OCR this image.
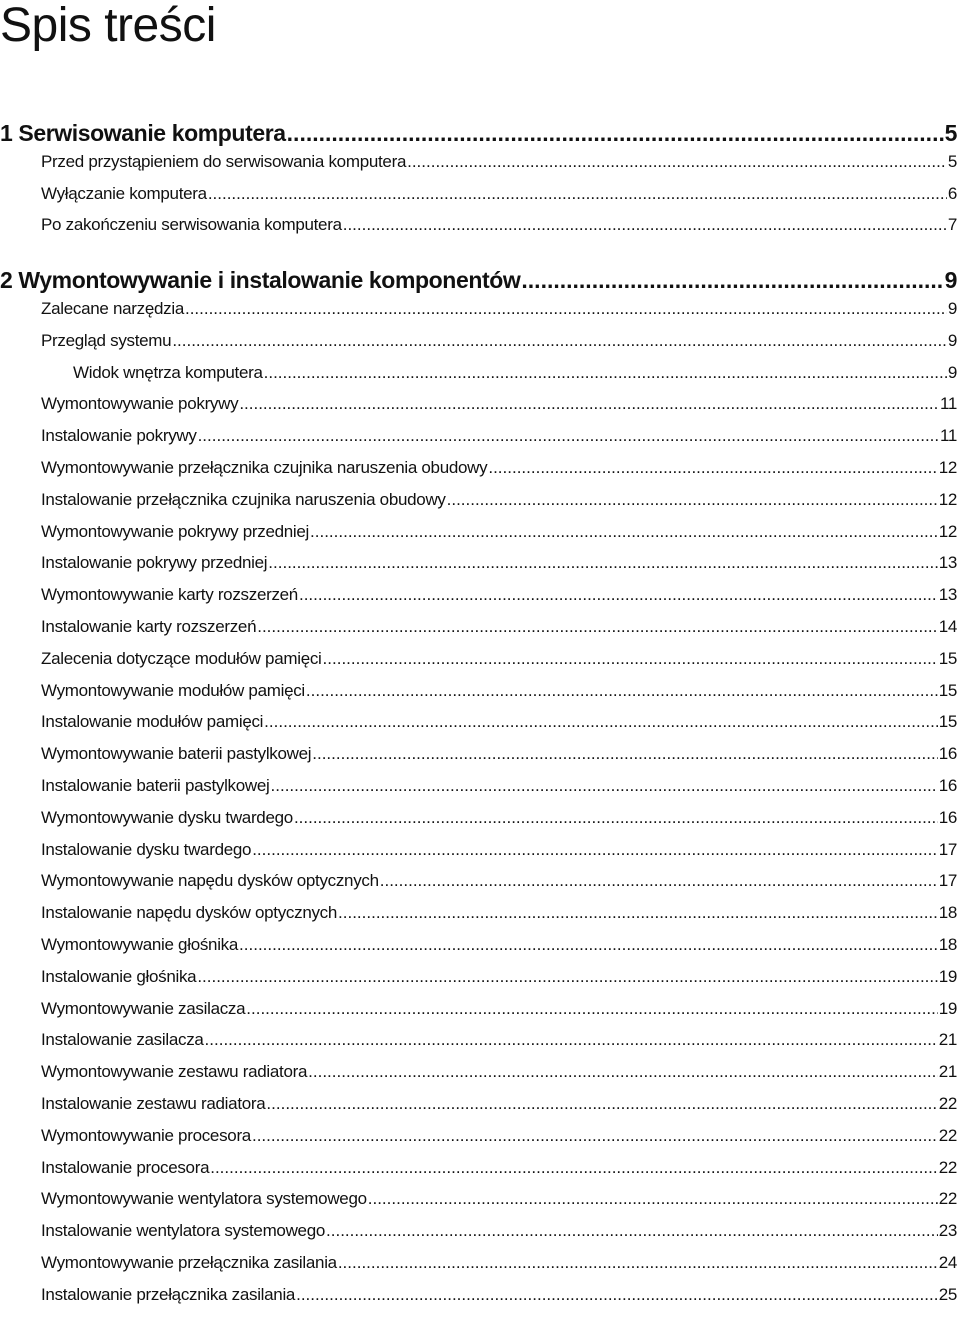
Spis treści
1 Serwisowanie komputera .....	5
Przed przystąpieniem do serwisowania komputera .....	5
Wyłączanie komputera .....	6
Po zakończeniu serwisowania komputera .....	7
2 Wymontowywanie i instalowanie komponentów .....	9
Zalecane narzędzia .....	9
Przegląd systemu .....	9
Widok wnętrza komputera .....	9
Wymontowywanie pokrywy .....	11
Instalowanie pokrywy .....	11
Wymontowywanie przełącznika czujnika naruszenia obudowy .....	12
Instalowanie przełącznika czujnika naruszenia obudowy .....	12
Wymontowywanie pokrywy przedniej .....	12
Instalowanie pokrywy przedniej .....	13
Wymontowywanie karty rozszerzeń .....	13
Instalowanie karty rozszerzeń .....	14
Zalecenia dotyczące modułów pamięci .....	15
Wymontowywanie modułów pamięci .....	15
Instalowanie modułów pamięci .....	15
Wymontowywanie baterii pastylkowej .....	16
Instalowanie baterii pastylkowej .....	16
Wymontowywanie dysku twardego .....	16
Instalowanie dysku twardego .....	17
Wymontowywanie napędu dysków optycznych .....	17
Instalowanie napędu dysków optycznych .....	18
Wymontowywanie głośnika .....	18
Instalowanie głośnika .....	19
Wymontowywanie zasilacza .....	19
Instalowanie zasilacza .....	21
Wymontowywanie zestawu radiatora .....	21
Instalowanie zestawu radiatora .....	22
Wymontowywanie procesora .....	22
Instalowanie procesora .....	22
Wymontowywanie wentylatora systemowego .....	22
Instalowanie wentylatora systemowego .....	23
Wymontowywanie przełącznika zasilania .....	24
Instalowanie przełącznika zasilania .....	25
